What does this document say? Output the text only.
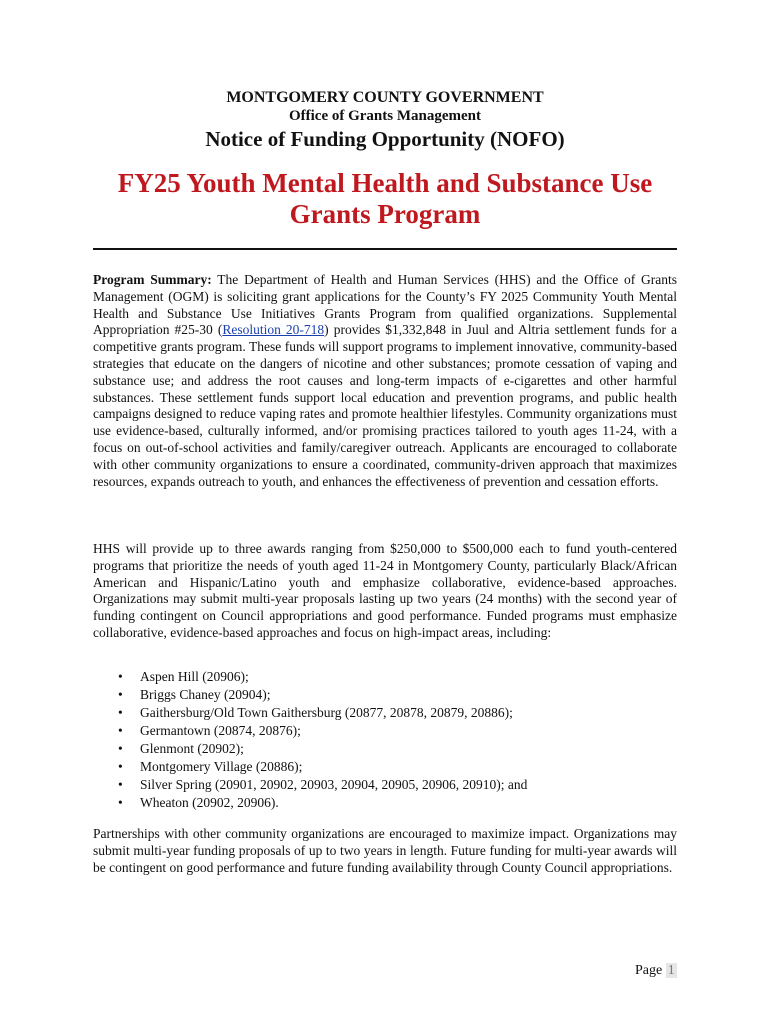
MONTGOMERY COUNTY GOVERNMENT
Office of Grants Management
Notice of Funding Opportunity (NOFO)
FY25 Youth Mental Health and Substance Use Grants Program
Program Summary: The Department of Health and Human Services (HHS) and the Office of Grants Management (OGM) is soliciting grant applications for the County’s FY 2025 Community Youth Mental Health and Substance Use Initiatives Grants Program from qualified organizations. Supplemental Appropriation #25-30 (Resolution 20-718) provides $1,332,848 in Juul and Altria settlement funds for a competitive grants program. These funds will support programs to implement innovative, community-based strategies that educate on the dangers of nicotine and other substances; promote cessation of vaping and substance use; and address the root causes and long-term impacts of e-cigarettes and other harmful substances. These settlement funds support local education and prevention programs, and public health campaigns designed to reduce vaping rates and promote healthier lifestyles. Community organizations must use evidence-based, culturally informed, and/or promising practices tailored to youth ages 11-24, with a focus on out-of-school activities and family/caregiver outreach. Applicants are encouraged to collaborate with other community organizations to ensure a coordinated, community-driven approach that maximizes resources, expands outreach to youth, and enhances the effectiveness of prevention and cessation efforts.
HHS will provide up to three awards ranging from $250,000 to $500,000 each to fund youth-centered programs that prioritize the needs of youth aged 11-24 in Montgomery County, particularly Black/African American and Hispanic/Latino youth and emphasize collaborative, evidence-based approaches. Organizations may submit multi-year proposals lasting up two years (24 months) with the second year of funding contingent on Council appropriations and good performance. Funded programs must emphasize collaborative, evidence-based approaches and focus on high-impact areas, including:
• Aspen Hill (20906);
• Briggs Chaney (20904);
• Gaithersburg/Old Town Gaithersburg (20877, 20878, 20879, 20886);
• Germantown (20874, 20876);
• Glenmont (20902);
• Montgomery Village (20886);
• Silver Spring (20901, 20902, 20903, 20904, 20905, 20906, 20910); and
• Wheaton (20902, 20906).
Partnerships with other community organizations are encouraged to maximize impact. Organizations may submit multi-year funding proposals of up to two years in length. Future funding for multi-year awards will be contingent on good performance and future funding availability through County Council appropriations.
Page 1
